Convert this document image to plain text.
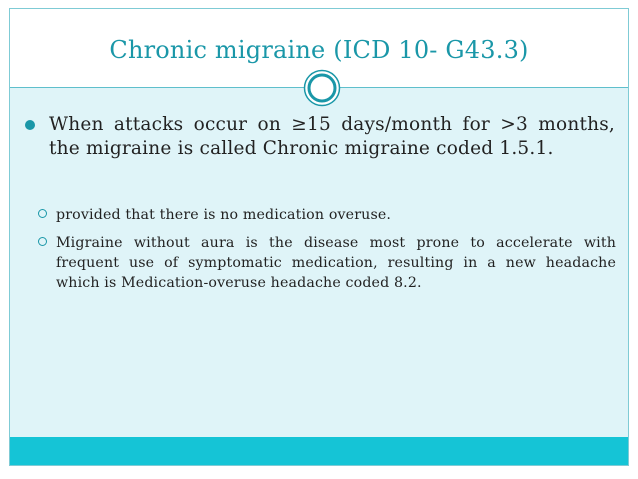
Chronic migraine (ICD 10- G43.3)
When attacks occur on ≥15 days/month for >3 months, the migraine is called Chronic migraine coded 1.5.1.
provided that there is no medication overuse.
Migraine without aura is the disease most prone to accelerate with frequent use of symptomatic medication, resulting in a new headache which is Medication-overuse headache coded 8.2.
